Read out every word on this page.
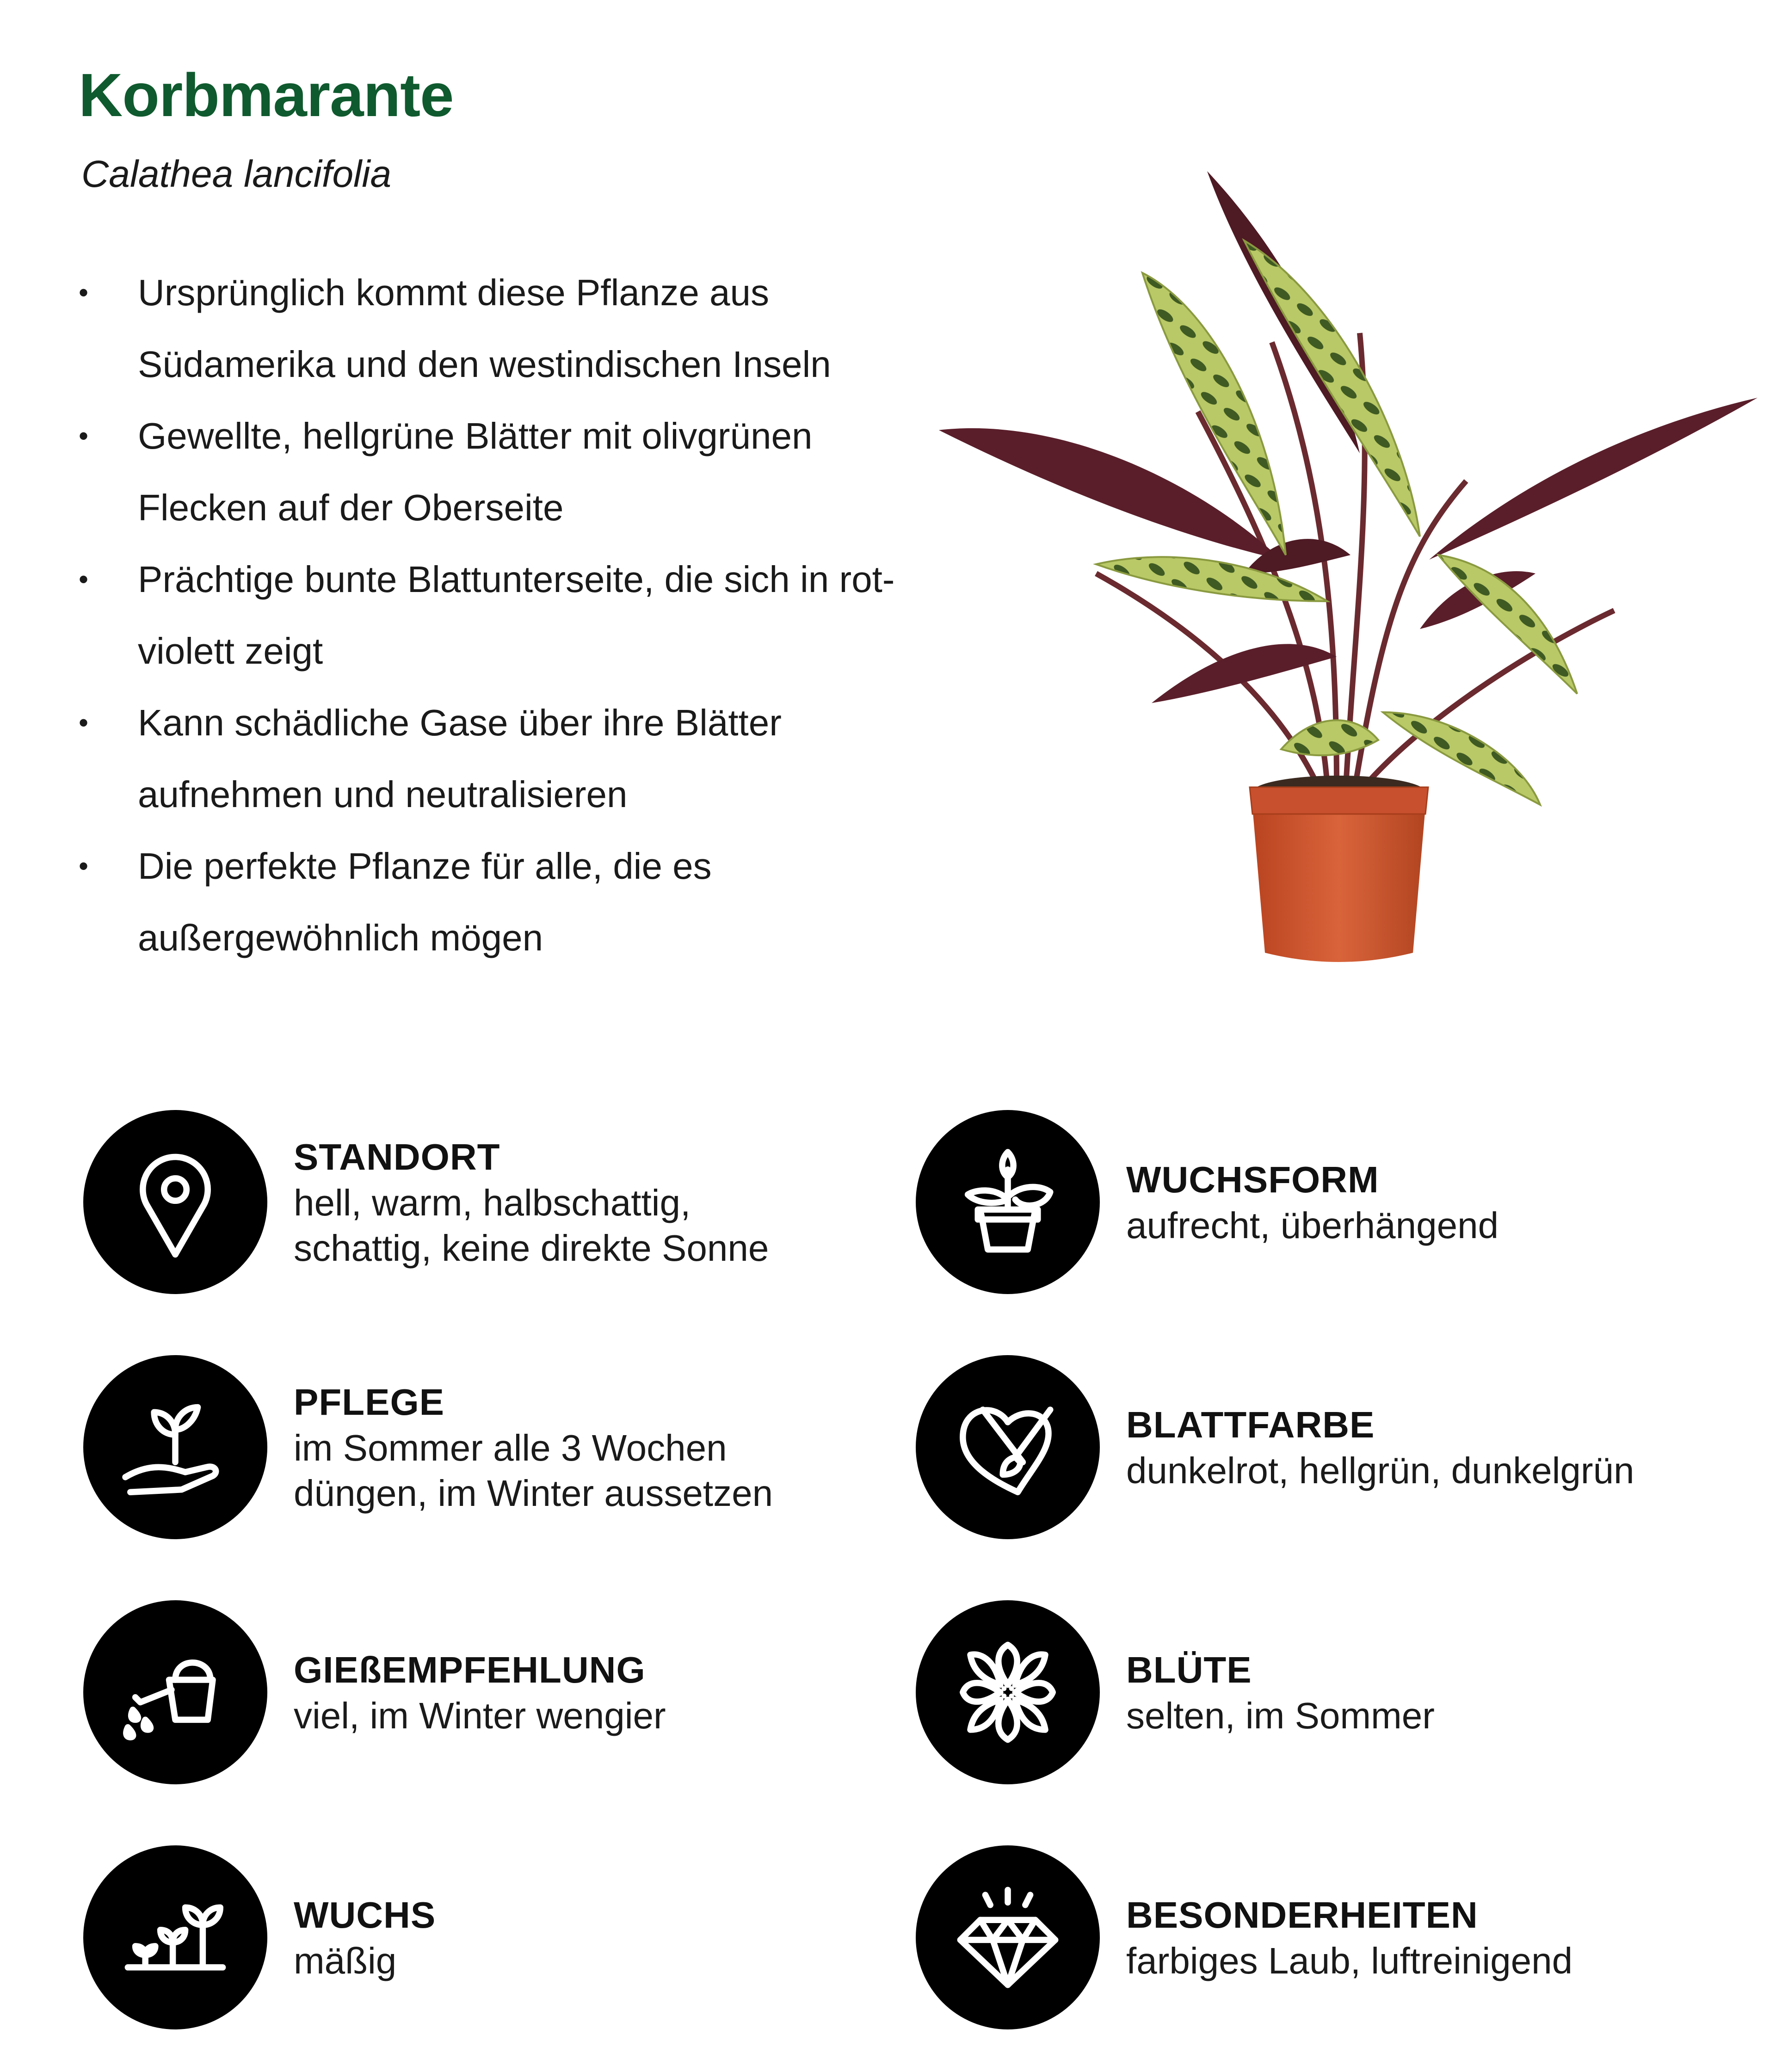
Korbmarante

Calathea lancifolia

• Ursprünglich kommt diese Pflanze aus Südamerika und den westindischen Inseln
• Gewellte, hellgrüne Blätter mit olivgrünen Flecken auf der Oberseite
• Prächtige bunte Blattunterseite, die sich in rot-violett zeigt
• Kann schädliche Gase über ihre Blätter aufnehmen und neutralisieren
• Die perfekte Pflanze für alle, die es außergewöhnlich mögen
STANDORT
hell, warm, halbschattig,
schattig, keine direkte Sonne
PFLEGE
im Sommer alle 3 Wochen
düngen, im Winter aussetzen
GIEßEMPFEHLUNG
viel, im Winter wengier
WUCHS
mäßig
WUCHSFORM
aufrecht, überhängend
BLATTFARBE
dunkelrot, hellgrün, dunkelgrün
BLÜTE
selten, im Sommer
BESONDERHEITEN
farbiges Laub, luftreinigend
